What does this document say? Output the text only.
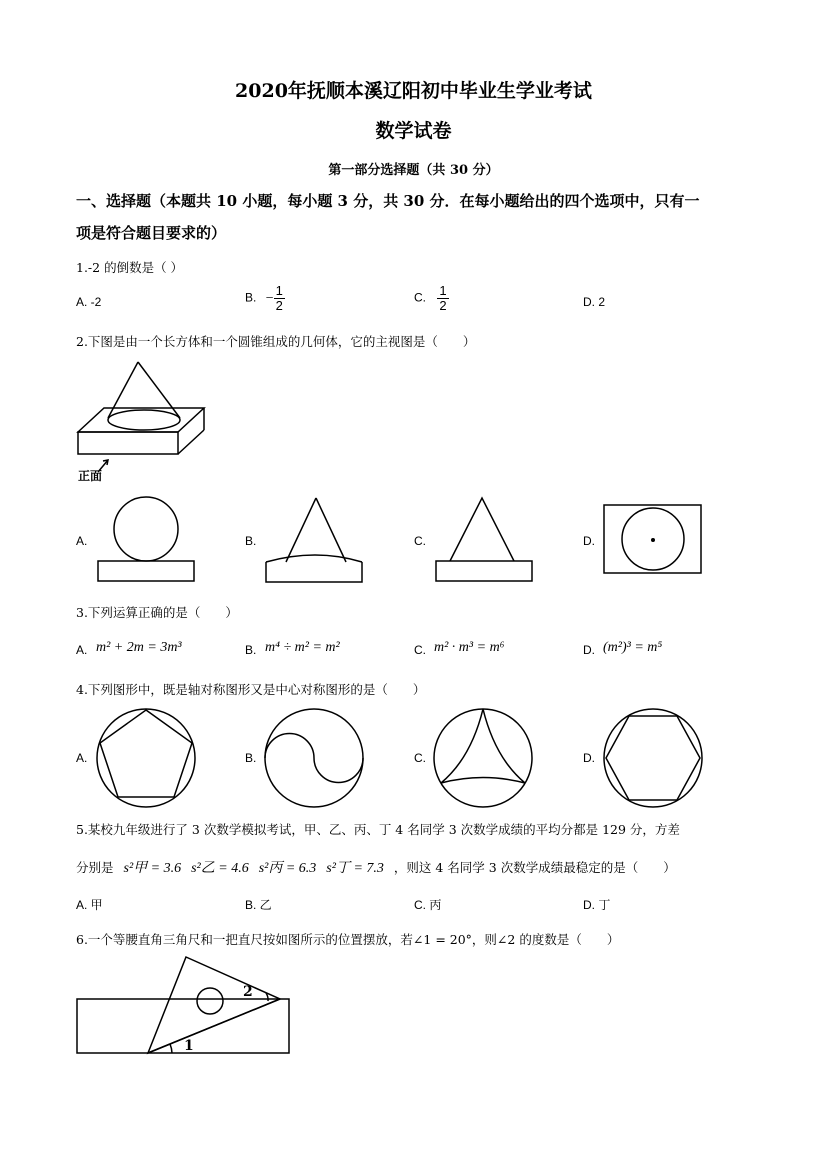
2020年抚顺本溪辽阳初中毕业生学业考试
数学试卷
第一部分选择题（共 30 分）
一、选择题（本题共 10 小题，每小题 3 分，共 30 分．在每小题给出的四个选项中，只有一
项是符合题目要求的）
1.-2 的倒数是（ ）
A. -2	B. − $\frac{1}{2}$	C. $\frac{1}{2}$	D. 2
2.下图是由一个长方体和一个圆锥组成的几何体，它的主视图是（　　）
正面
A.	B.	C.	D.
3.下列运算正确的是（　　）
A. m² + 2m = 3m³	B. m⁴ ÷ m² = m²	C. m² · m³ = m⁶	D. (m²)³ = m⁵
4.下列图形中，既是轴对称图形又是中心对称图形的是（　　）
A.	B.	C.	D.
5.某校九年级进行了 3 次数学模拟考试，甲、乙、丙、丁 4 名同学 3 次数学成绩的平均分都是 129 分，方差
分别是 s²甲 = 3.6 s²乙 = 4.6 s²丙 = 6.3 s²丁 = 7.3 ，则这 4 名同学 3 次数学成绩最稳定的是（　　）
A. 甲	B. 乙	C. 丙	D. 丁
6.一个等腰直角三角尺和一把直尺按如图所示的位置摆放，若∠1 = 20°，则∠2 的度数是（　　）
2
1
